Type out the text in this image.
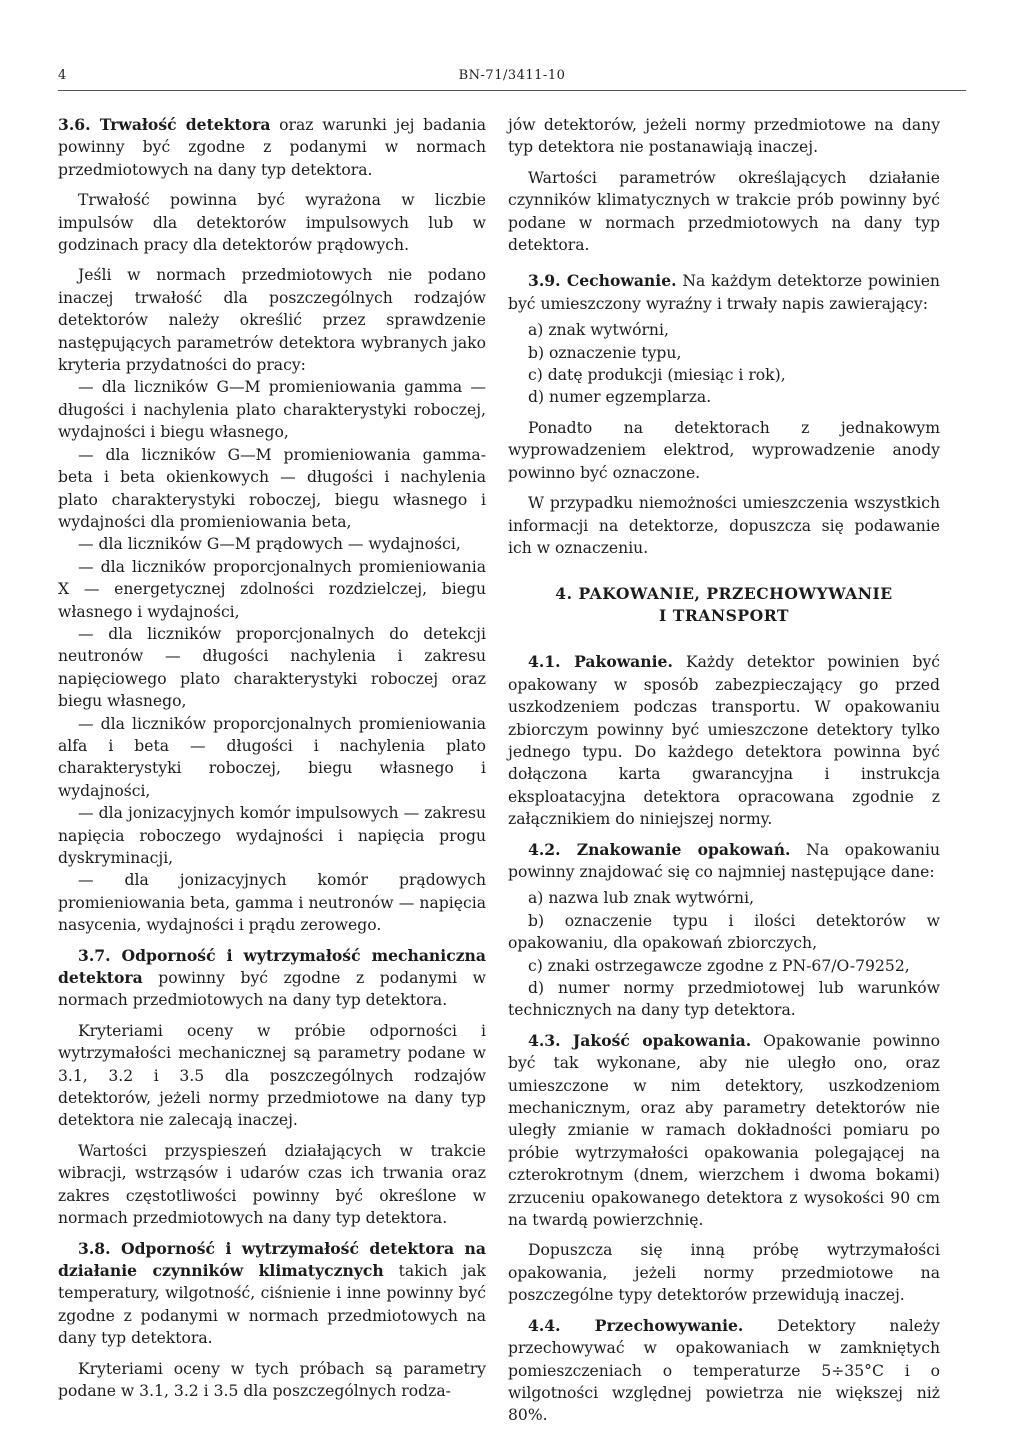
4	BN-71/3411-10

3.6. Trwałość detektora oraz warunki jej badania powinny być zgodne z podanymi w normach przedmiotowych na dany typ detektora.

Trwałość powinna być wyrażona w liczbie impulsów dla detektorów impulsowych lub w godzinach pracy dla detektorów prądowych.

Jeśli w normach przedmiotowych nie podano inaczej trwałość dla poszczególnych rodzajów detektorów należy określić przez sprawdzenie następujących parametrów detektora wybranych jako kryteria przydatności do pracy:

— dla liczników G—M promieniowania gamma — długości i nachylenia plato charakterystyki roboczej, wydajności i biegu własnego,

— dla liczników G—M promieniowania gamma-beta i beta okienkowych — długości i nachylenia plato charakterystyki roboczej, biegu własnego i wydajności dla promieniowania beta,

— dla liczników G—M prądowych — wydajności,

— dla liczników proporcjonalnych promieniowania X — energetycznej zdolności rozdzielczej, biegu własnego i wydajności,

— dla liczników proporcjonalnych do detekcji neutronów — długości nachylenia i zakresu napięciowego plato charakterystyki roboczej oraz biegu własnego,

— dla liczników proporcjonalnych promieniowania alfa i beta — długości i nachylenia plato charakterystyki roboczej, biegu własnego i wydajności,

— dla jonizacyjnych komór impulsowych — zakresu napięcia roboczego wydajności i napięcia progu dyskryminacji,

— dla jonizacyjnych komór prądowych promieniowania beta, gamma i neutronów — napięcia nasycenia, wydajności i prądu zerowego.

3.7. Odporność i wytrzymałość mechaniczna detektora powinny być zgodne z podanymi w normach przedmiotowych na dany typ detektora.

Kryteriami oceny w próbie odporności i wytrzymałości mechanicznej są parametry podane w 3.1, 3.2 i 3.5 dla poszczególnych rodzajów detektorów, jeżeli normy przedmiotowe na dany typ detektora nie zalecają inaczej.

Wartości przyspieszeń działających w trakcie wibracji, wstrząsów i udarów czas ich trwania oraz zakres częstotliwości powinny być określone w normach przedmiotowych na dany typ detektora.

3.8. Odporność i wytrzymałość detektora na działanie czynników klimatycznych takich jak temperatury, wilgotność, ciśnienie i inne powinny być zgodne z podanymi w normach przedmiotowych na dany typ detektora.

Kryteriami oceny w tych próbach są parametry podane w 3.1, 3.2 i 3.5 dla poszczególnych rodza-

jów detektorów, jeżeli normy przedmiotowe na dany typ detektora nie postanawiają inaczej.

Wartości parametrów określających działanie czynników klimatycznych w trakcie prób powinny być podane w normach przedmiotowych na dany typ detektora.

3.9. Cechowanie. Na każdym detektorze powinien być umieszczony wyraźny i trwały napis zawierający:

a) znak wytwórni,

b) oznaczenie typu,

c) datę produkcji (miesiąc i rok),

d) numer egzemplarza.

Ponadto na detektorach z jednakowym wyprowadzeniem elektrod, wyprowadzenie anody powinno być oznaczone.

W przypadku niemożności umieszczenia wszystkich informacji na detektorze, dopuszcza się podawanie ich w oznaczeniu.

4. PAKOWANIE, PRZECHOWYWANIE
I TRANSPORT

4.1. Pakowanie. Każdy detektor powinien być opakowany w sposób zabezpieczający go przed uszkodzeniem podczas transportu. W opakowaniu zbiorczym powinny być umieszczone detektory tylko jednego typu. Do każdego detektora powinna być dołączona karta gwarancyjna i instrukcja eksploatacyjna detektora opracowana zgodnie z załącznikiem do niniejszej normy.

4.2. Znakowanie opakowań. Na opakowaniu powinny znajdować się co najmniej następujące dane:

a) nazwa lub znak wytwórni,

b) oznaczenie typu i ilości detektorów w opakowaniu, dla opakowań zbiorczych,

c) znaki ostrzegawcze zgodne z PN-67/O-79252,

d) numer normy przedmiotowej lub warunków technicznych na dany typ detektora.

4.3. Jakość opakowania. Opakowanie powinno być tak wykonane, aby nie uległo ono, oraz umieszczone w nim detektory, uszkodzeniom mechanicznym, oraz aby parametry detektorów nie uległy zmianie w ramach dokładności pomiaru po próbie wytrzymałości opakowania polegającej na czterokrotnym (dnem, wierzchem i dwoma bokami) zrzuceniu opakowanego detektora z wysokości 90 cm na twardą powierzchnię.

Dopuszcza się inną próbę wytrzymałości opakowania, jeżeli normy przedmiotowe na poszczególne typy detektorów przewidują inaczej.

4.4. Przechowywanie. Detektory należy przechowywać w opakowaniach w zamkniętych pomieszczeniach o temperaturze 5÷35°C i o wilgotności względnej powietrza nie większej niż 80%.
